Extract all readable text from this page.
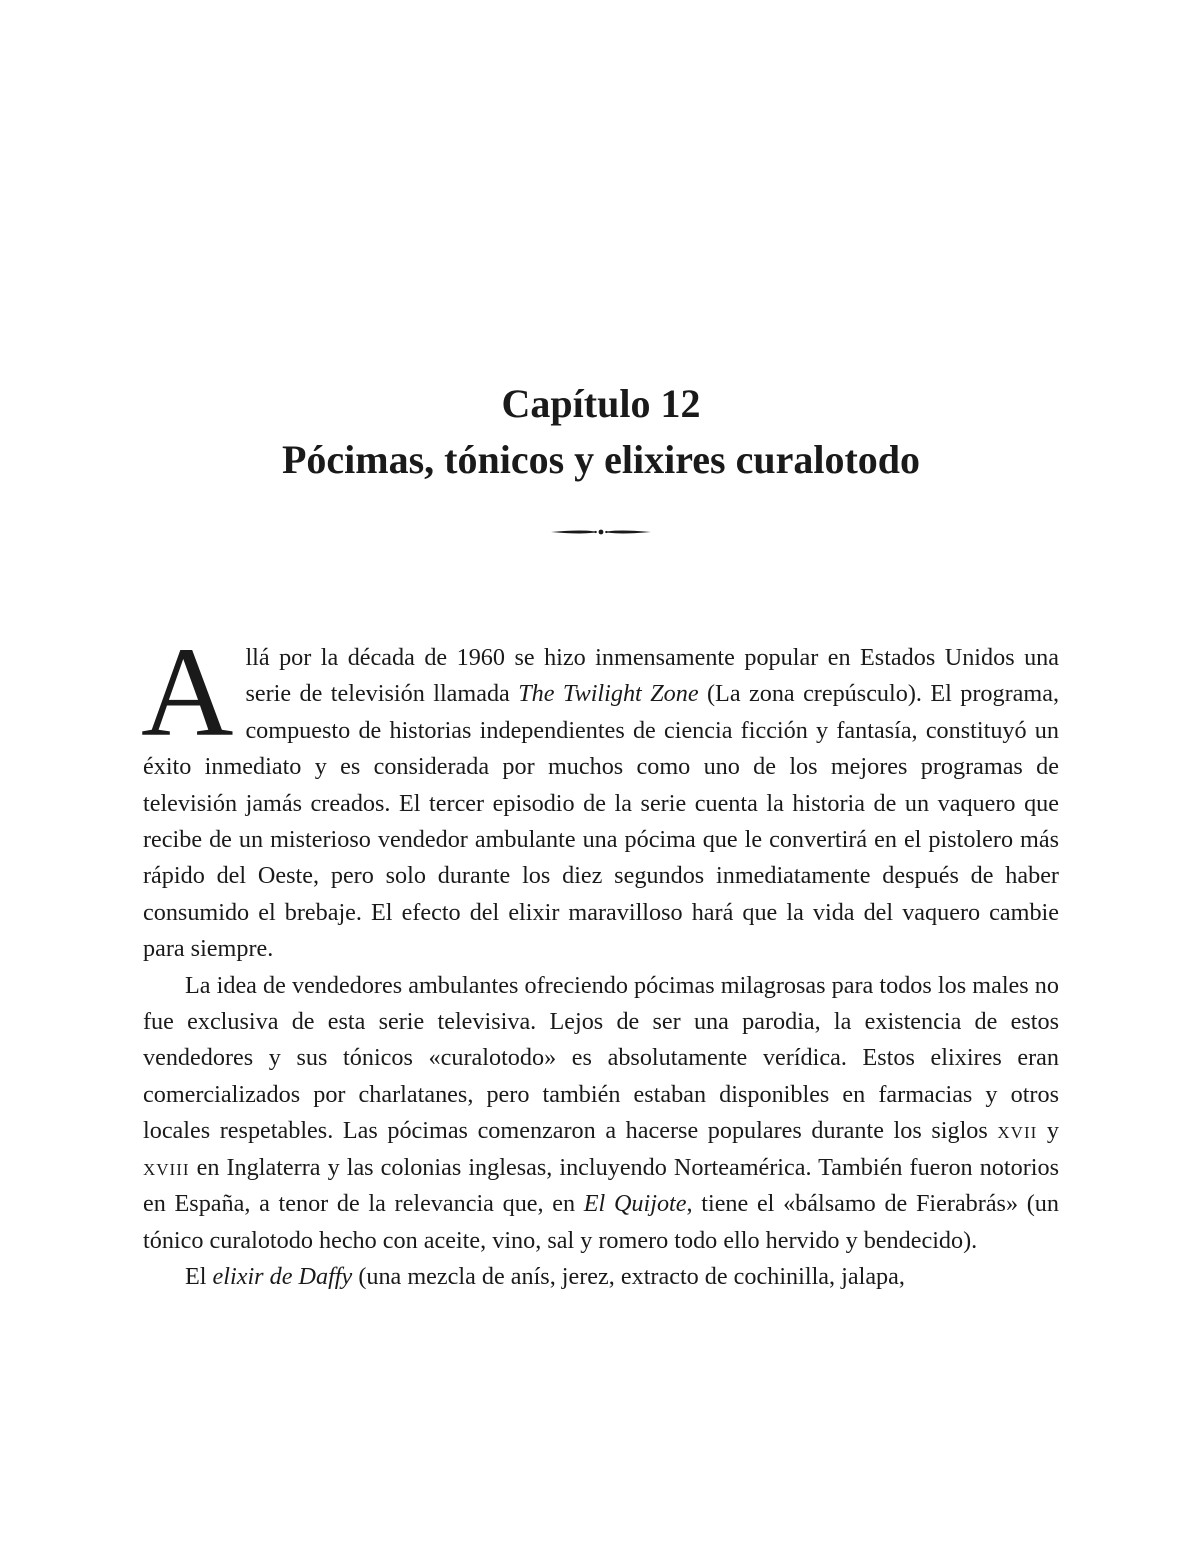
Capítulo 12
Pócimas, tónicos y elixires curalotodo

Allá por la década de 1960 se hizo inmensamente popular en Estados Unidos una serie de televisión llamada The Twilight Zone (La zona crepúsculo). El programa, compuesto de historias independientes de ciencia ficción y fantasía, constituyó un éxito inmediato y es considerada por muchos como uno de los mejores programas de televisión jamás creados. El tercer episodio de la serie cuenta la historia de un vaquero que recibe de un misterioso vendedor ambulante una pócima que le convertirá en el pistolero más rápido del Oeste, pero solo durante los diez segundos inmediatamente después de haber consumido el brebaje. El efecto del elixir maravilloso hará que la vida del vaquero cambie para siempre.

La idea de vendedores ambulantes ofreciendo pócimas milagrosas para todos los males no fue exclusiva de esta serie televisiva. Lejos de ser una parodia, la existencia de estos vendedores y sus tónicos «curalotodo» es absolutamente verídica. Estos elixires eran comercializados por charlatanes, pero también estaban disponibles en farmacias y otros locales respetables. Las pócimas comenzaron a hacerse populares durante los siglos xvii y xviii en Inglaterra y las colonias inglesas, incluyendo Norteamérica. También fueron notorios en España, a tenor de la relevancia que, en El Quijote, tiene el «bálsamo de Fierabrás» (un tónico curalotodo hecho con aceite, vino, sal y romero todo ello hervido y bendecido).

El elixir de Daffy (una mezcla de anís, jerez, extracto de cochinilla, jalapa,
